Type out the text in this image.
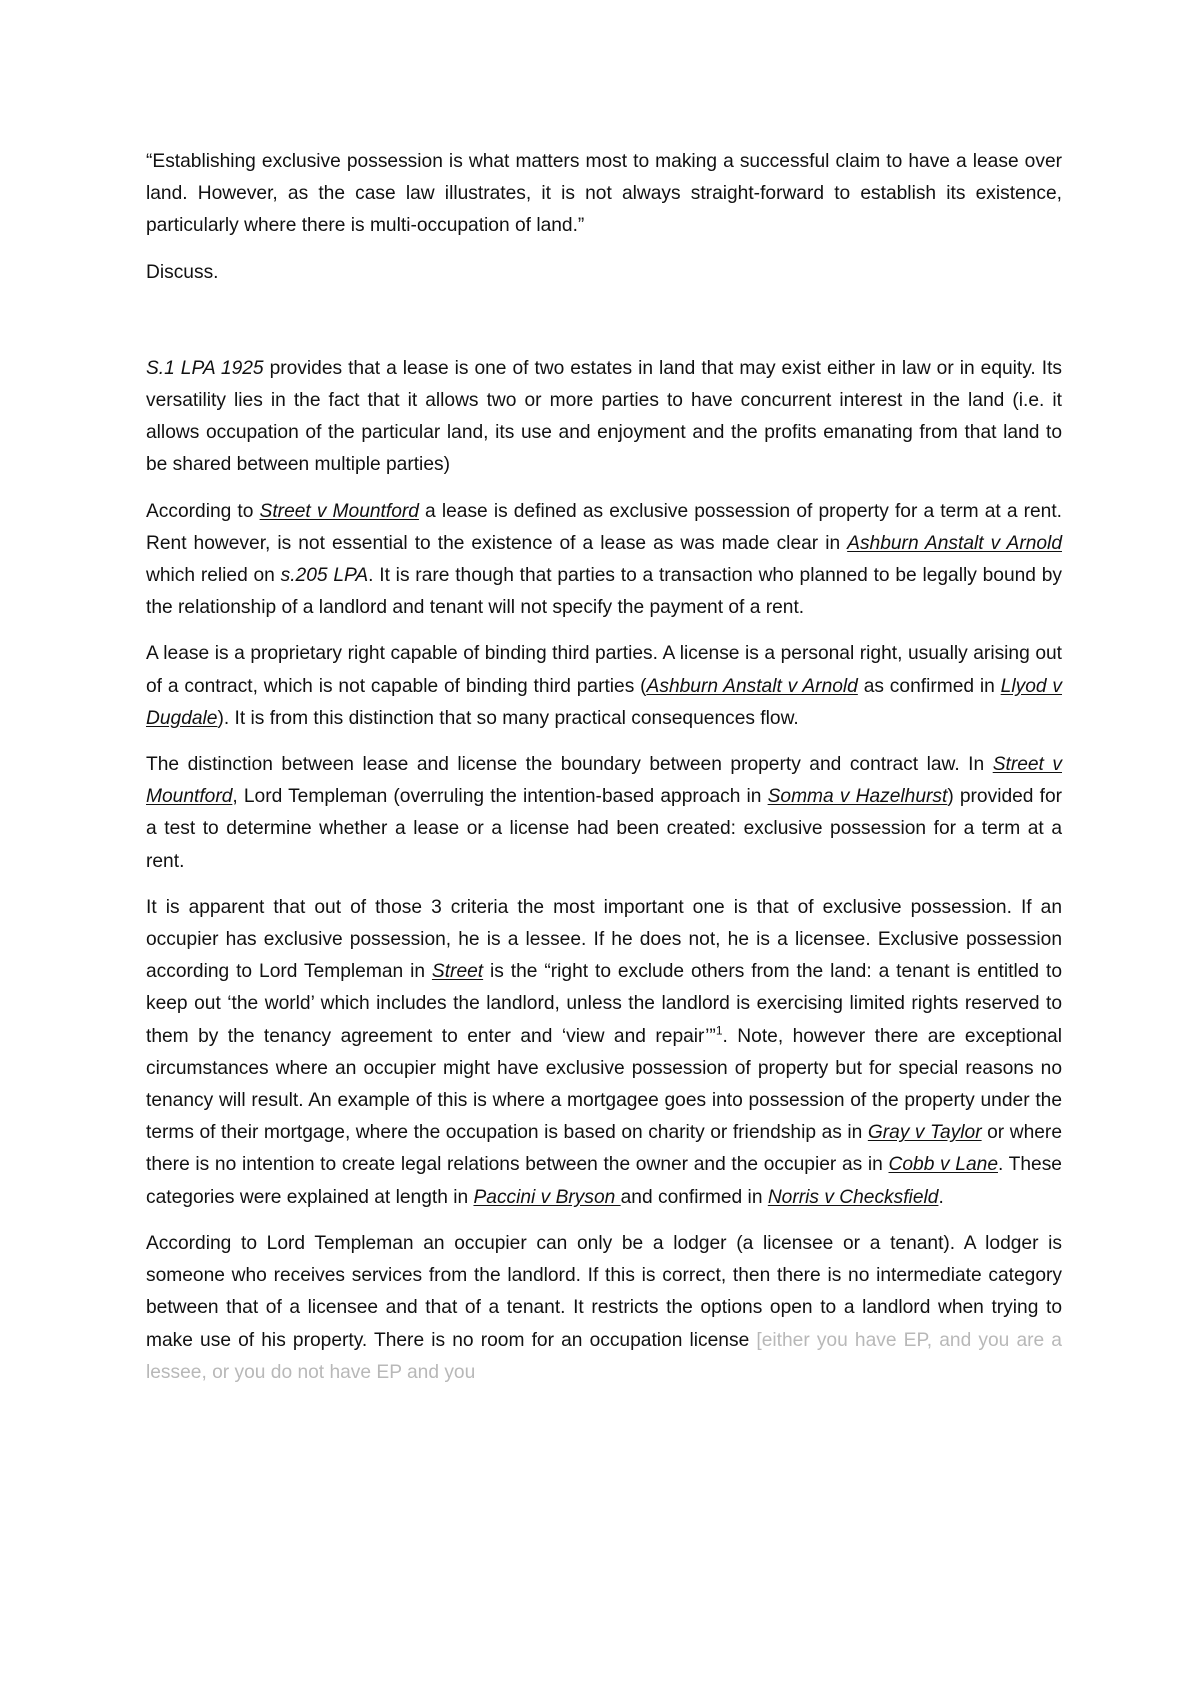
“Establishing exclusive possession is what matters most to making a successful claim to have a lease over land. However, as the case law illustrates, it is not always straight-forward to establish its existence, particularly where there is multi-occupation of land.”

Discuss.

S.1 LPA 1925 provides that a lease is one of two estates in land that may exist either in law or in equity. Its versatility lies in the fact that it allows two or more parties to have concurrent interest in the land (i.e. it allows occupation of the particular land, its use and enjoyment and the profits emanating from that land to be shared between multiple parties)

According to Street v Mountford a lease is defined as exclusive possession of property for a term at a rent. Rent however, is not essential to the existence of a lease as was made clear in Ashburn Anstalt v Arnold which relied on s.205 LPA. It is rare though that parties to a transaction who planned to be legally bound by the relationship of a landlord and tenant will not specify the payment of a rent.

A lease is a proprietary right capable of binding third parties. A license is a personal right, usually arising out of a contract, which is not capable of binding third parties (Ashburn Anstalt v Arnold as confirmed in Llyod v Dugdale). It is from this distinction that so many practical consequences flow.

The distinction between lease and license the boundary between property and contract law. In Street v Mountford, Lord Templeman (overruling the intention-based approach in Somma v Hazelhurst) provided for a test to determine whether a lease or a license had been created: exclusive possession for a term at a rent.

It is apparent that out of those 3 criteria the most important one is that of exclusive possession. If an occupier has exclusive possession, he is a lessee. If he does not, he is a licensee. Exclusive possession according to Lord Templeman in Street is the “right to exclude others from the land: a tenant is entitled to keep out ‘the world’ which includes the landlord, unless the landlord is exercising limited rights reserved to them by the tenancy agreement to enter and ‘view and repair’”$^1$. Note, however there are exceptional circumstances where an occupier might have exclusive possession of property but for special reasons no tenancy will result. An example of this is where a mortgagee goes into possession of the property under the terms of their mortgage, where the occupation is based on charity or friendship as in Gray v Taylor or where there is no intention to create legal relations between the owner and the occupier as in Cobb v Lane. These categories were explained at length in Paccini v Bryson and confirmed in Norris v Checksfield.

According to Lord Templeman an occupier can only be a lodger (a licensee or a tenant). A lodger is someone who receives services from the landlord. If this is correct, then there is no intermediate category between that of a licensee and that of a tenant. It restricts the options open to a landlord when trying to make use of his property. There is no room for an occupation license [either you have EP, and you are a lessee, or you do not have EP and you
